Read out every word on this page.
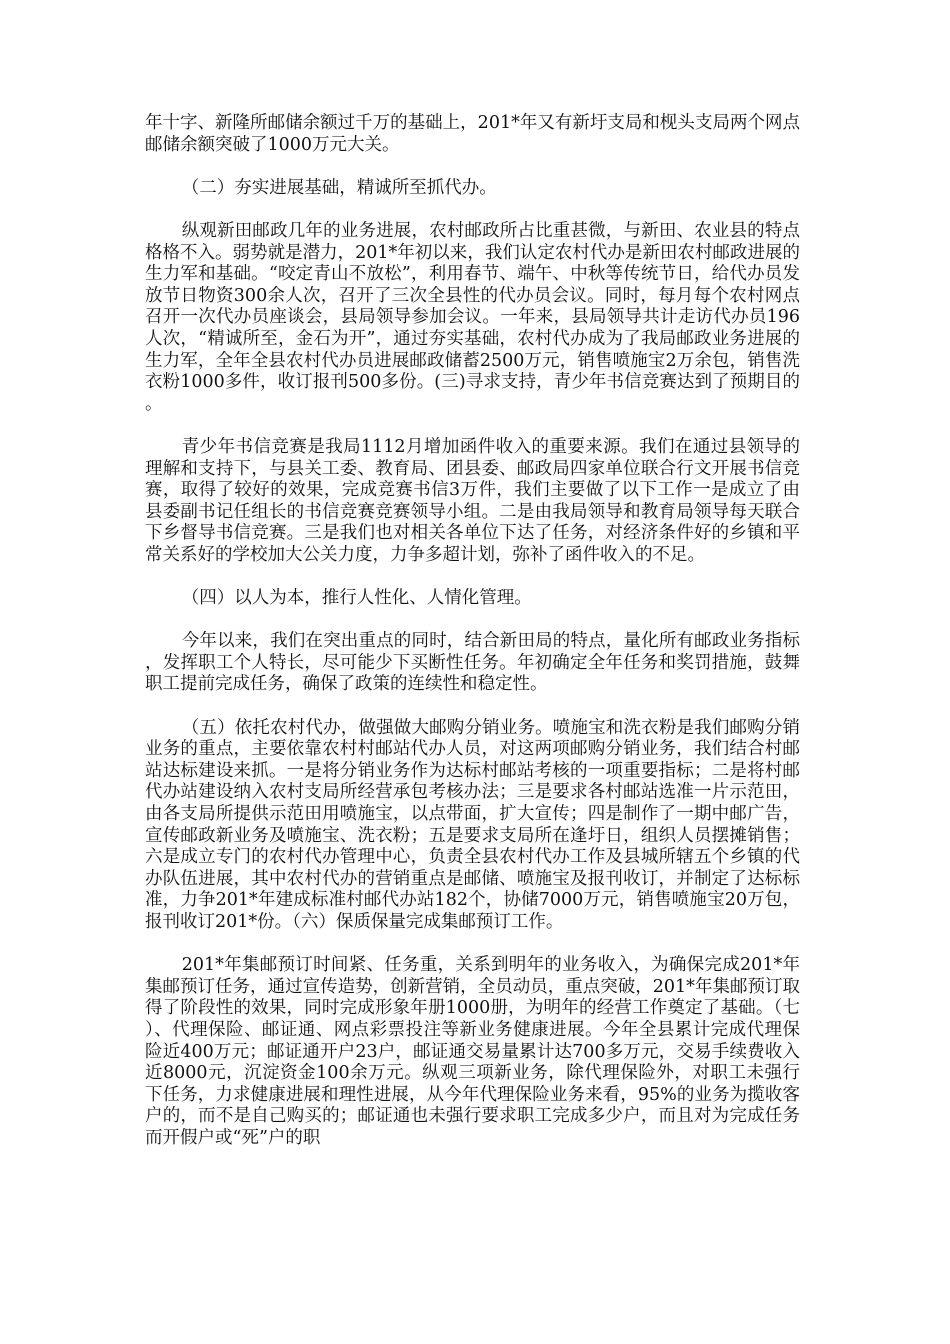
年十字、新隆所邮储余额过千万的基础上，201*年又有新圩支局和枧头支局两个网点邮储余额突破了1000万元大关。

（二）夯实进展基础，精诚所至抓代办。

纵观新田邮政几年的业务进展，农村邮政所占比重甚微，与新田、农业县的特点格格不入。弱势就是潜力，201*年初以来，我们认定农村代办是新田农村邮政进展的生力军和基础。“咬定青山不放松”，利用春节、端午、中秋等传统节日，给代办员发放节日物资300余人次，召开了三次全县性的代办员会议。同时，每月每个农村网点召开一次代办员座谈会，县局领导参加会议。一年来，县局领导共计走访代办员196人次，“精诚所至，金石为开”，通过夯实基础，农村代办成为了我局邮政业务进展的生力军，全年全县农村代办员进展邮政储蓄2500万元，销售喷施宝2万余包，销售洗衣粉1000多件，收订报刊500多份。(三)寻求支持，青少年书信竞赛达到了预期目的。

青少年书信竞赛是我局1112月增加函件收入的重要来源。我们在通过县领导的理解和支持下，与县关工委、教育局、团县委、邮政局四家单位联合行文开展书信竞赛，取得了较好的效果，完成竞赛书信3万件，我们主要做了以下工作一是成立了由县委副书记任组长的书信竞赛竞赛领导小组。二是由我局领导和教育局领导每天联合下乡督导书信竞赛。三是我们也对相关各单位下达了任务，对经济条件好的乡镇和平常关系好的学校加大公关力度，力争多超计划，弥补了函件收入的不足。

（四）以人为本，推行人性化、人情化管理。

今年以来，我们在突出重点的同时，结合新田局的特点，量化所有邮政业务指标，发挥职工个人特长，尽可能少下买断性任务。年初确定全年任务和奖罚措施，鼓舞职工提前完成任务，确保了政策的连续性和稳定性。

（五）依托农村代办，做强做大邮购分销业务。喷施宝和洗衣粉是我们邮购分销业务的重点，主要依靠农村村邮站代办人员，对这两项邮购分销业务，我们结合村邮站达标建设来抓。一是将分销业务作为达标村邮站考核的一项重要指标；二是将村邮代办站建设纳入农村支局所经营承包考核办法；三是要求各村邮站选准一片示范田，由各支局所提供示范田用喷施宝，以点带面，扩大宣传；四是制作了一期中邮广告，宣传邮政新业务及喷施宝、洗衣粉；五是要求支局所在逢圩日，组织人员摆摊销售；六是成立专门的农村代办管理中心，负责全县农村代办工作及县城所辖五个乡镇的代办队伍进展，其中农村代办的营销重点是邮储、喷施宝及报刊收订，并制定了达标标准，力争201*年建成标准村邮代办站182个，协储7000万元，销售喷施宝20万包，报刊收订201*份。（六）保质保量完成集邮预订工作。

201*年集邮预订时间紧、任务重，关系到明年的业务收入，为确保完成201*年集邮预订任务，通过宣传造势，创新营销，全员动员，重点突破，201*年集邮预订取得了阶段性的效果，同时完成形象年册1000册，为明年的经营工作奠定了基础。（七）、代理保险、邮证通、网点彩票投注等新业务健康进展。今年全县累计完成代理保险近400万元；邮证通开户23户，邮证通交易量累计达700多万元，交易手续费收入近8000元，沉淀资金100余万元。纵观三项新业务，除代理保险外，对职工未强行下任务，力求健康进展和理性进展，从今年代理保险业务来看，95%的业务为揽收客户的，而不是自己购买的；邮证通也未强行要求职工完成多少户，而且对为完成任务而开假户或“死”户的职
